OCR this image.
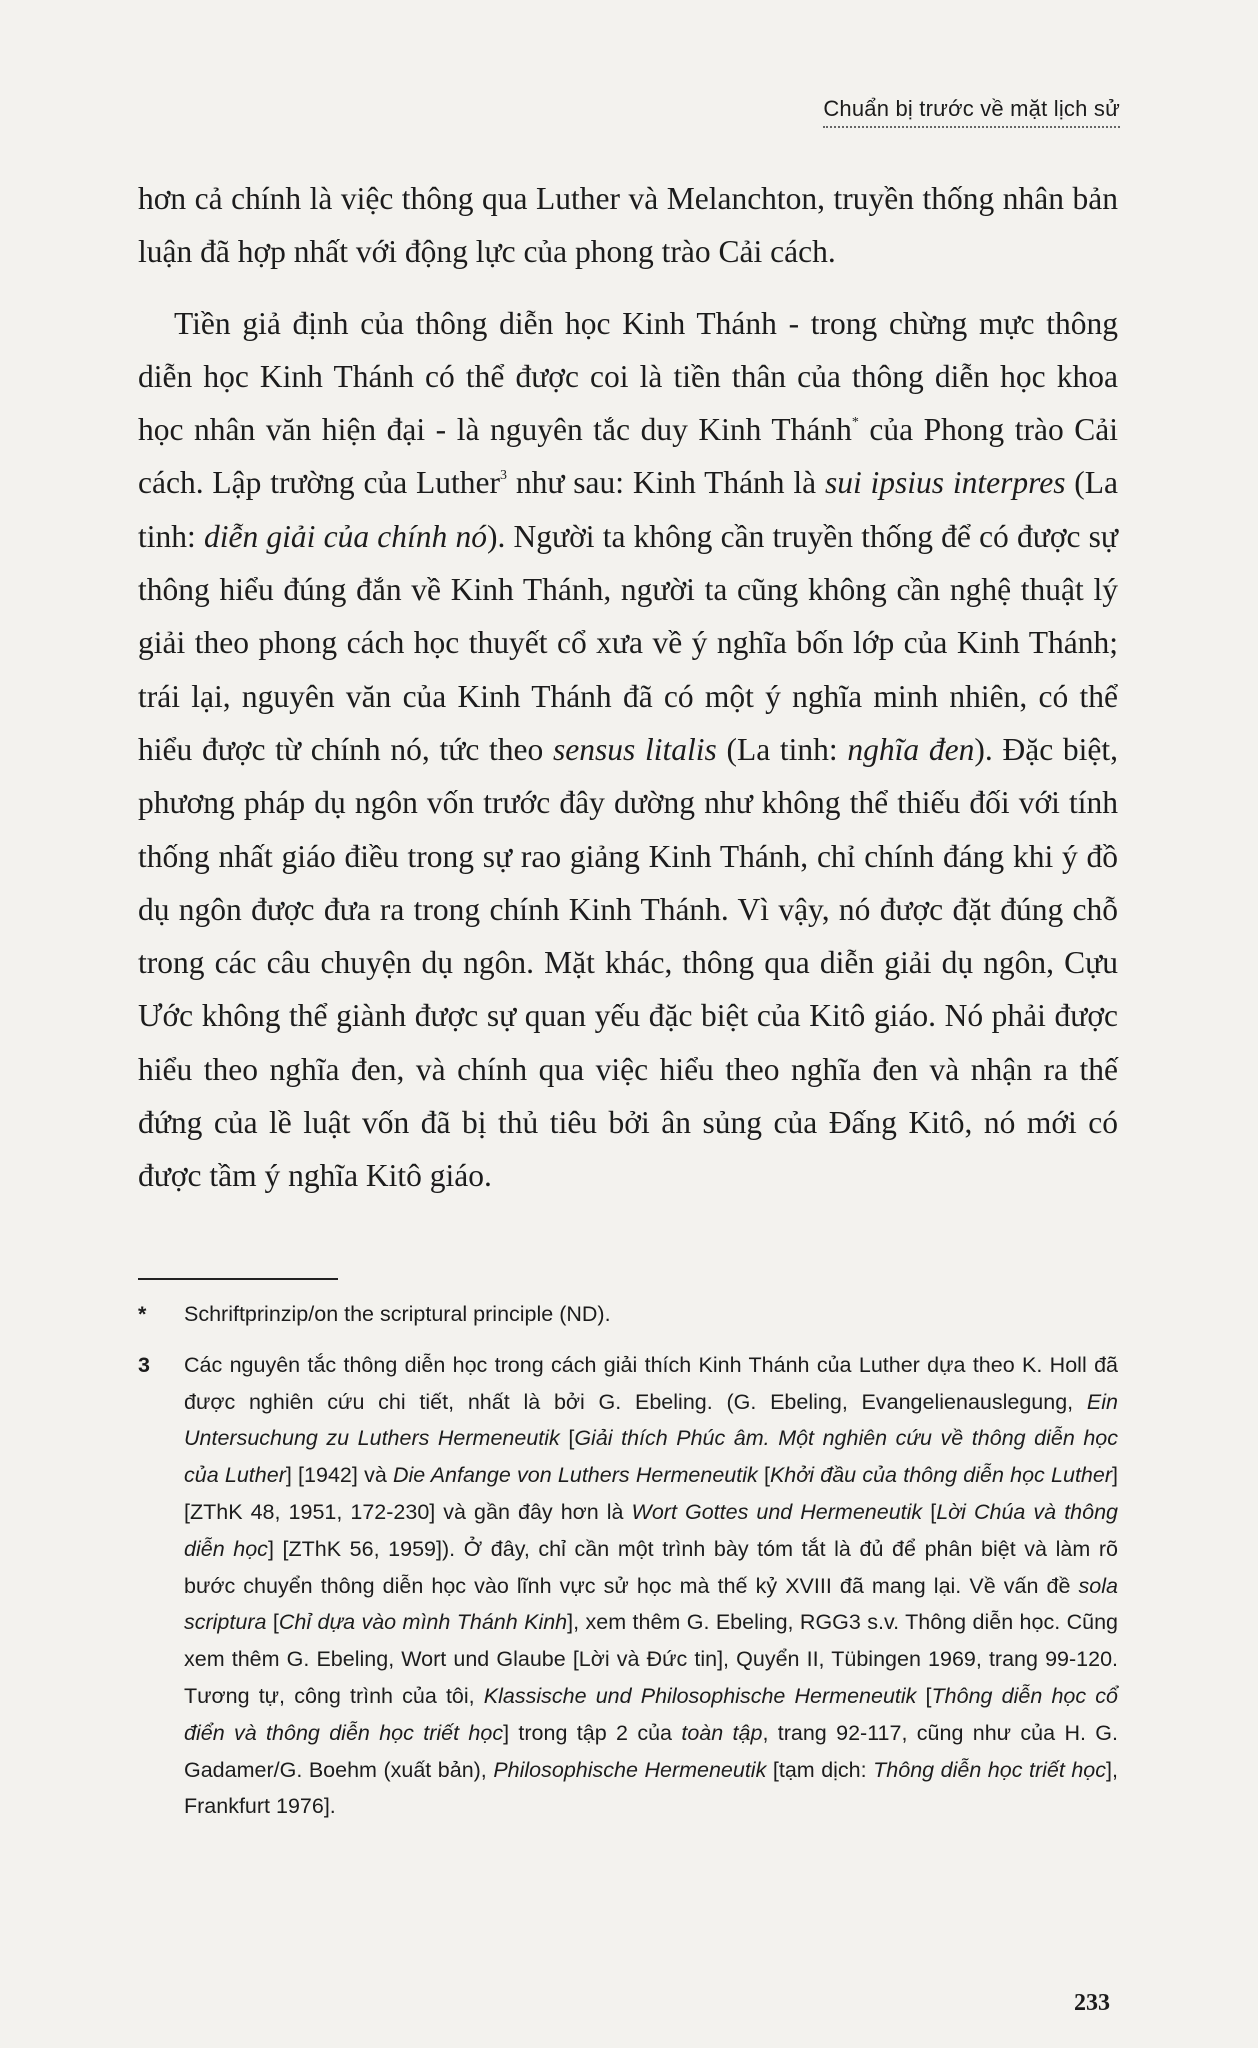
Chuẩn bị trước về mặt lịch sử

hơn cả chính là việc thông qua Luther và Melanchton, truyền thống nhân bản luận đã hợp nhất với động lực của phong trào Cải cách.

Tiền giả định của thông diễn học Kinh Thánh - trong chừng mực thông diễn học Kinh Thánh có thể được coi là tiền thân của thông diễn học khoa học nhân văn hiện đại - là nguyên tắc duy Kinh Thánh* của Phong trào Cải cách. Lập trường của Luther$^3$ như sau: Kinh Thánh là sui ipsius interpres (La tinh: diễn giải của chính nó). Người ta không cần truyền thống để có được sự thông hiểu đúng đắn về Kinh Thánh, người ta cũng không cần nghệ thuật lý giải theo phong cách học thuyết cổ xưa về ý nghĩa bốn lớp của Kinh Thánh; trái lại, nguyên văn của Kinh Thánh đã có một ý nghĩa minh nhiên, có thể hiểu được từ chính nó, tức theo sensus litalis (La tinh: nghĩa đen). Đặc biệt, phương pháp dụ ngôn vốn trước đây dường như không thể thiếu đối với tính thống nhất giáo điều trong sự rao giảng Kinh Thánh, chỉ chính đáng khi ý đồ dụ ngôn được đưa ra trong chính Kinh Thánh. Vì vậy, nó được đặt đúng chỗ trong các câu chuyện dụ ngôn. Mặt khác, thông qua diễn giải dụ ngôn, Cựu Ước không thể giành được sự quan yếu đặc biệt của Kitô giáo. Nó phải được hiểu theo nghĩa đen, và chính qua việc hiểu theo nghĩa đen và nhận ra thế đứng của lề luật vốn đã bị thủ tiêu bởi ân sủng của Đấng Kitô, nó mới có được tầm ý nghĩa Kitô giáo.

*	Schriftprinzip/on the scriptural principle (ND).
3	Các nguyên tắc thông diễn học trong cách giải thích Kinh Thánh của Luther dựa theo K. Holl đã được nghiên cứu chi tiết, nhất là bởi G. Ebeling. (G. Ebeling, Evangelienauslegung, Ein Untersuchung zu Luthers Hermeneutik [Giải thích Phúc âm. Một nghiên cứu về thông diễn học của Luther] [1942] và Die Anfange von Luthers Hermeneutik [Khởi đầu của thông diễn học Luther] [ZThK 48, 1951, 172-230] và gần đây hơn là Wort Gottes und Hermeneutik [Lời Chúa và thông diễn học] [ZThK 56, 1959]). Ở đây, chỉ cần một trình bày tóm tắt là đủ để phân biệt và làm rõ bước chuyển thông diễn học vào lĩnh vực sử học mà thế kỷ XVIII đã mang lại. Về vấn đề sola scriptura [Chỉ dựa vào mình Thánh Kinh], xem thêm G. Ebeling, RGG3 s.v. Thông diễn học. Cũng xem thêm G. Ebeling, Wort und Glaube [Lời và Đức tin], Quyển II, Tübingen 1969, trang 99-120. Tương tự, công trình của tôi, Klassische und Philosophische Hermeneutik [Thông diễn học cổ điển và thông diễn học triết học] trong tập 2 của toàn tập, trang 92-117, cũng như của H. G. Gadamer/G. Boehm (xuất bản), Philosophische Hermeneutik [tạm dịch: Thông diễn học triết học], Frankfurt 1976].
233
